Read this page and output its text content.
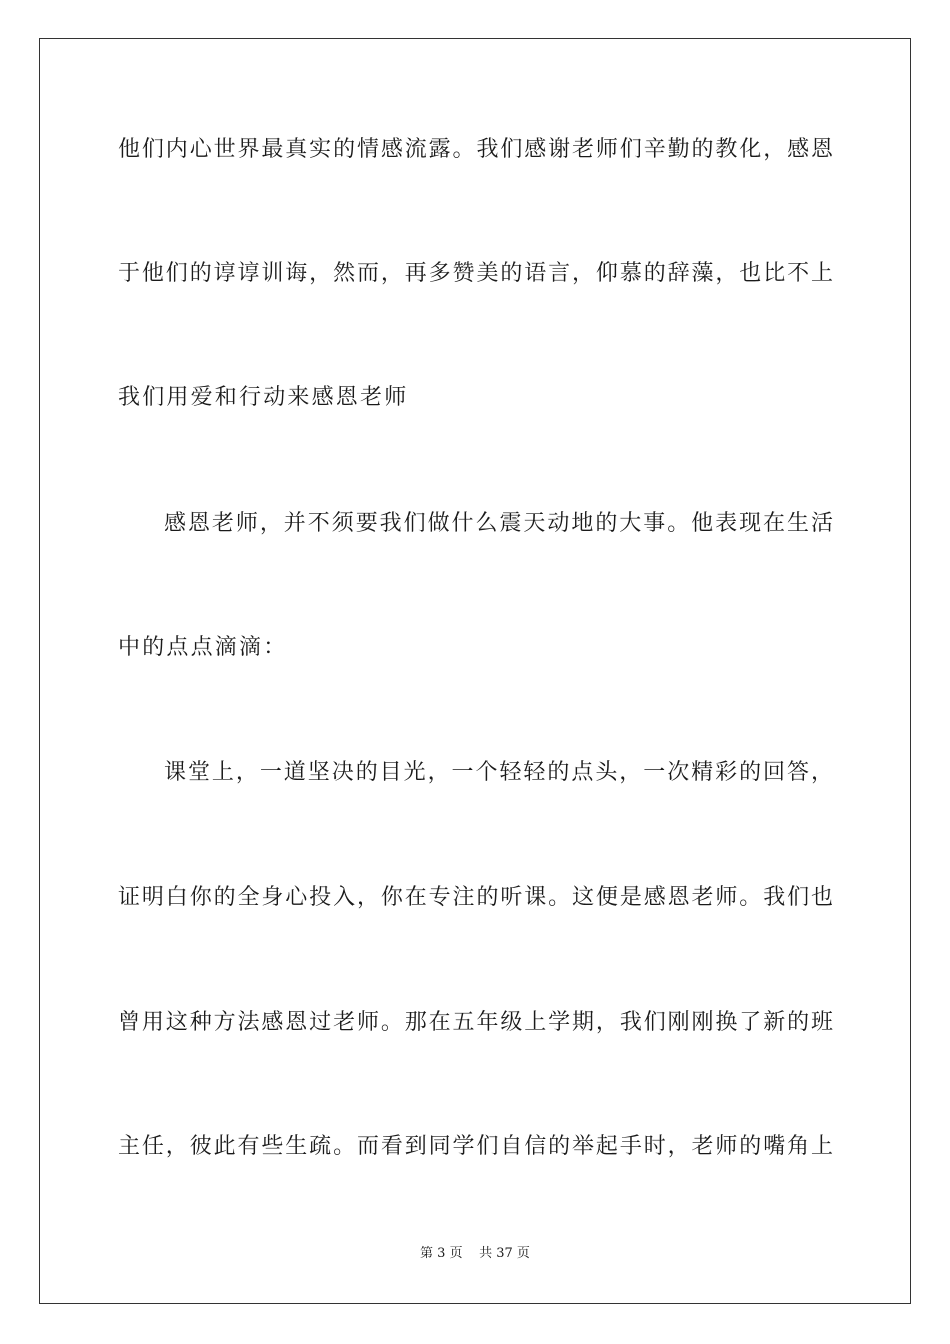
他们内心世界最真实的情感流露。我们感谢老师们辛勤的教化，感恩
于他们的谆谆训诲，然而，再多赞美的语言，仰慕的辞藻，也比不上
我们用爱和行动来感恩老师
感恩老师，并不须要我们做什么震天动地的大事。他表现在生活
中的点点滴滴：
课堂上，一道坚决的目光，一个轻轻的点头，一次精彩的回答，
证明白你的全身心投入，你在专注的听课。这便是感恩老师。我们也
曾用这种方法感恩过老师。那在五年级上学期，我们刚刚换了新的班
主任，彼此有些生疏。而看到同学们自信的举起手时，老师的嘴角上
第 3 页 共 37 页
